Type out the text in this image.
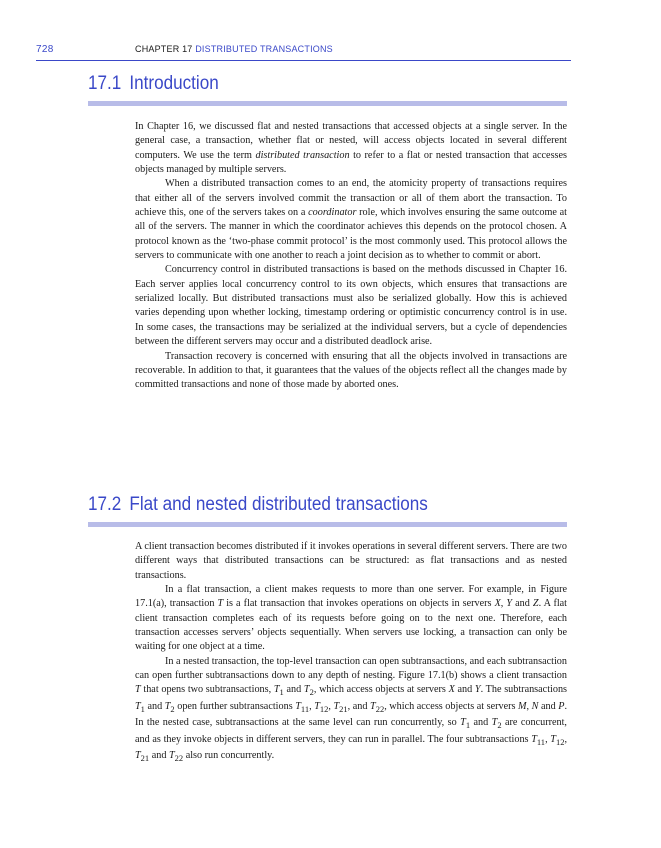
728	CHAPTER 17 DISTRIBUTED TRANSACTIONS
17.1 Introduction

In Chapter 16, we discussed flat and nested transactions that accessed objects at a single server. In the general case, a transaction, whether flat or nested, will access objects located in several different computers. We use the term distributed transaction to refer to a flat or nested transaction that accesses objects managed by multiple servers.

When a distributed transaction comes to an end, the atomicity property of transactions requires that either all of the servers involved commit the transaction or all of them abort the transaction. To achieve this, one of the servers takes on a coordinator role, which involves ensuring the same outcome at all of the servers. The manner in which the coordinator achieves this depends on the protocol chosen. A protocol known as the ‘two-phase commit protocol’ is the most commonly used. This protocol allows the servers to communicate with one another to reach a joint decision as to whether to commit or abort.

Concurrency control in distributed transactions is based on the methods discussed in Chapter 16. Each server applies local concurrency control to its own objects, which ensures that transactions are serialized locally. But distributed transactions must also be serialized globally. How this is achieved varies depending upon whether locking, timestamp ordering or optimistic concurrency control is in use. In some cases, the transactions may be serialized at the individual servers, but a cycle of dependencies between the different servers may occur and a distributed deadlock arise.

Transaction recovery is concerned with ensuring that all the objects involved in transactions are recoverable. In addition to that, it guarantees that the values of the objects reflect all the changes made by committed transactions and none of those made by aborted ones.

17.2 Flat and nested distributed transactions

A client transaction becomes distributed if it invokes operations in several different servers. There are two different ways that distributed transactions can be structured: as flat transactions and as nested transactions.

In a flat transaction, a client makes requests to more than one server. For example, in Figure 17.1(a), transaction T is a flat transaction that invokes operations on objects in servers X, Y and Z. A flat client transaction completes each of its requests before going on to the next one. Therefore, each transaction accesses servers’ objects sequentially. When servers use locking, a transaction can only be waiting for one object at a time.

In a nested transaction, the top-level transaction can open subtransactions, and each subtransaction can open further subtransactions down to any depth of nesting. Figure 17.1(b) shows a client transaction T that opens two subtransactions, $T_1$ and $T_2$, which access objects at servers X and Y. The subtransactions $T_1$ and $T_2$ open further subtransactions $T_{11}$, $T_{12}$, $T_{21}$, and $T_{22}$, which access objects at servers M, N and P. In the nested case, subtransactions at the same level can run concurrently, so $T_1$ and $T_2$ are concurrent, and as they invoke objects in different servers, they can run in parallel. The four subtransactions $T_{11}$, $T_{12}$, $T_{21}$ and $T_{22}$ also run concurrently.
